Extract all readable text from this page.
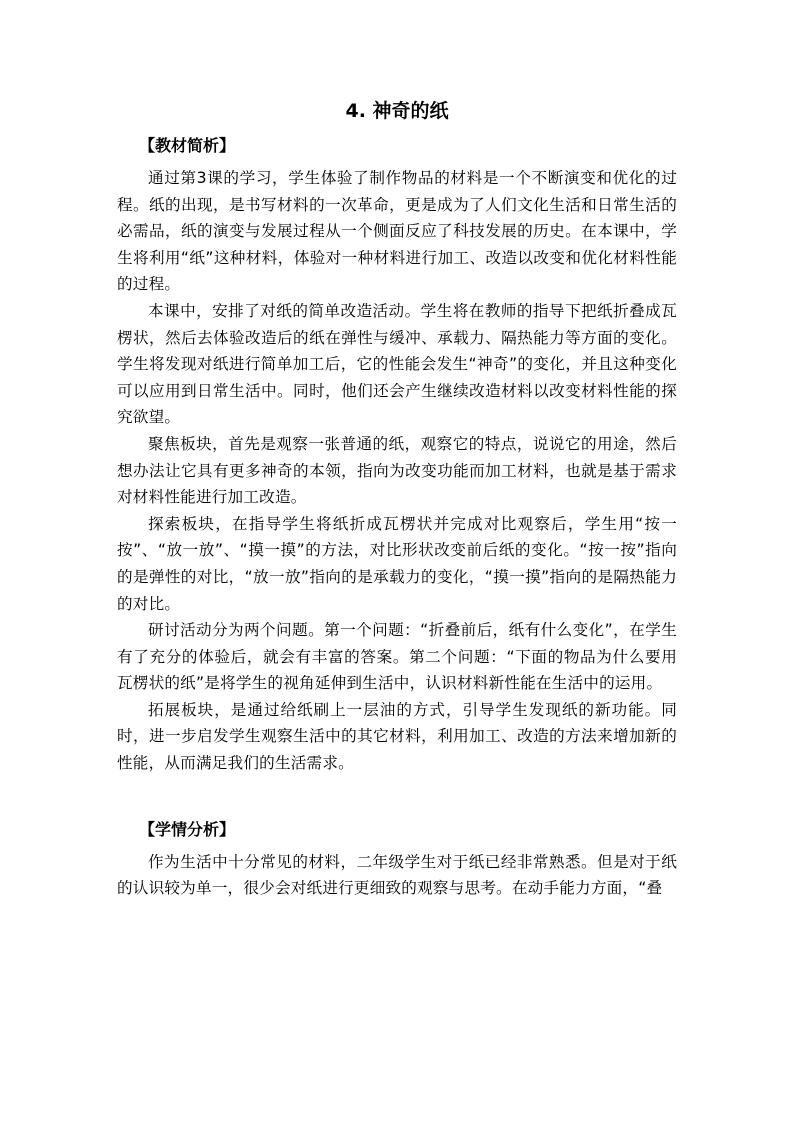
4. 神奇的纸
【教材简析】

通过第3课的学习，学生体验了制作物品的材料是一个不断演变和优化的过程。纸的出现，是书写材料的一次革命，更是成为了人们文化生活和日常生活的必需品，纸的演变与发展过程从一个侧面反应了科技发展的历史。在本课中，学生将利用“纸”这种材料，体验对一种材料进行加工、改造以改变和优化材料性能的过程。

本课中，安排了对纸的简单改造活动。学生将在教师的指导下把纸折叠成瓦楞状，然后去体验改造后的纸在弹性与缓冲、承载力、隔热能力等方面的变化。学生将发现对纸进行简单加工后，它的性能会发生“神奇”的变化，并且这种变化可以应用到日常生活中。同时，他们还会产生继续改造材料以改变材料性能的探究欲望。

聚焦板块，首先是观察一张普通的纸，观察它的特点，说说它的用途，然后想办法让它具有更多神奇的本领，指向为改变功能而加工材料，也就是基于需求对材料性能进行加工改造。

探索板块，在指导学生将纸折成瓦楞状并完成对比观察后，学生用“按一按”、“放一放”、“摸一摸”的方法，对比形状改变前后纸的变化。“按一按”指向的是弹性的对比，“放一放”指向的是承载力的变化，“摸一摸”指向的是隔热能力的对比。

研讨活动分为两个问题。第一个问题：“折叠前后，纸有什么变化”，在学生有了充分的体验后，就会有丰富的答案。第二个问题：“下面的物品为什么要用瓦楞状的纸”是将学生的视角延伸到生活中，认识材料新性能在生活中的运用。

拓展板块，是通过给纸刷上一层油的方式，引导学生发现纸的新功能。同时，进一步启发学生观察生活中的其它材料，利用加工、改造的方法来增加新的性能，从而满足我们的生活需求。

【学情分析】

作为生活中十分常见的材料，二年级学生对于纸已经非常熟悉。但是对于纸的认识较为单一，很少会对纸进行更细致的观察与思考。在动手能力方面，“叠
